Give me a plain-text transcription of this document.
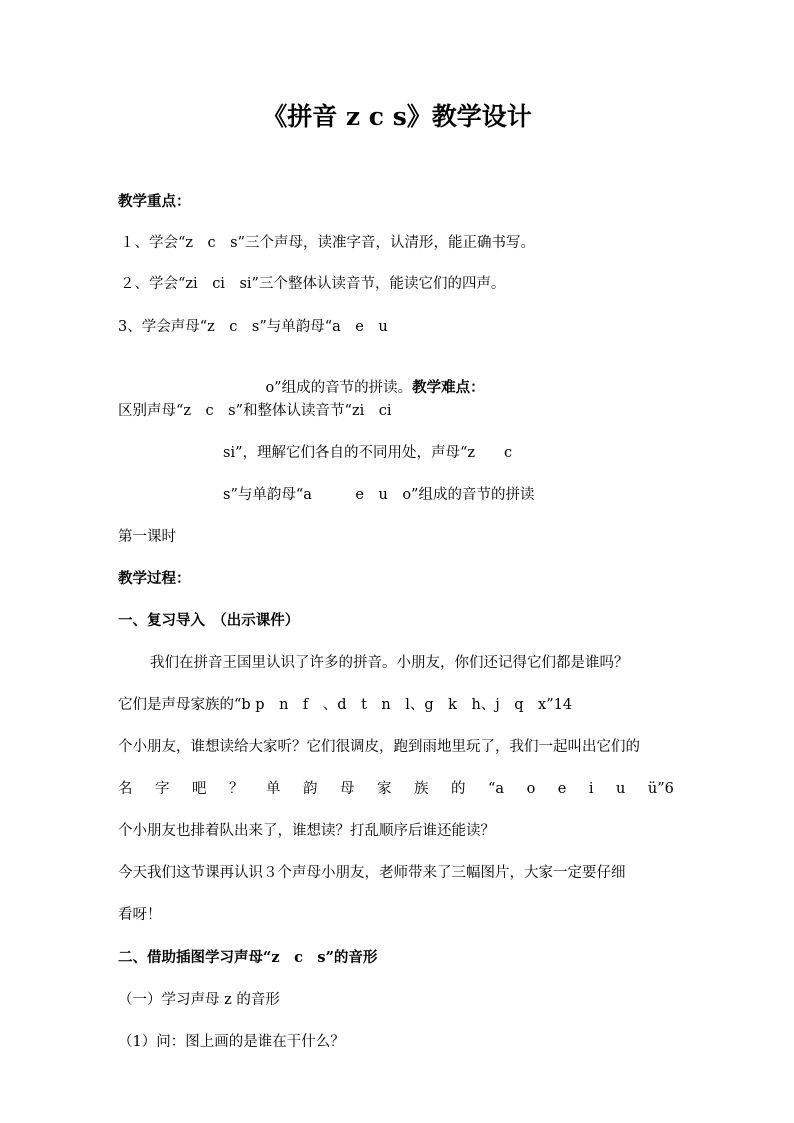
《拼音 z c s》教学设计
教学重点：
１、学会“z　c　s”三个声母，读准字音，认清形，能正确书写。
２、学会“zi　ci　si”三个整体认读音节，能读它们的四声。
3、学会声母“z　c　s”与单韵母“a　e　u

o”组成的音节的拼读。教学难点：

区别声母“z　c　s”和整体认读音节“zi　ci
si”，理解它们各自的不同用处，声母“z　　c
s”与单韵母“a　　　e　u　o”组成的音节的拼读
第一课时
教学过程：
一、复习导入　（出示课件）
我们在拼音王国里认识了许多的拼音。小朋友，你们还记得它们都是谁吗？
它们是声母家族的“b p　n　f　、d　t　n　l、g　k　h、j　q　x”14
个小朋友，谁想读给大家听？它们很调皮，跑到雨地里玩了，我们一起叫出它们的
名 字 吧 ？ 单 韵 母 家 族 的 “a o e i u ü”6
个小朋友也排着队出来了，谁想读？打乱顺序后谁还能读？
今天我们这节课再认识３个声母小朋友，老师带来了三幅图片，大家一定要仔细
看呀！
二、借助插图学习声母“z　c　s”的音形
（一）学习声母 z 的音形
（1）问：图上画的是谁在干什么？
